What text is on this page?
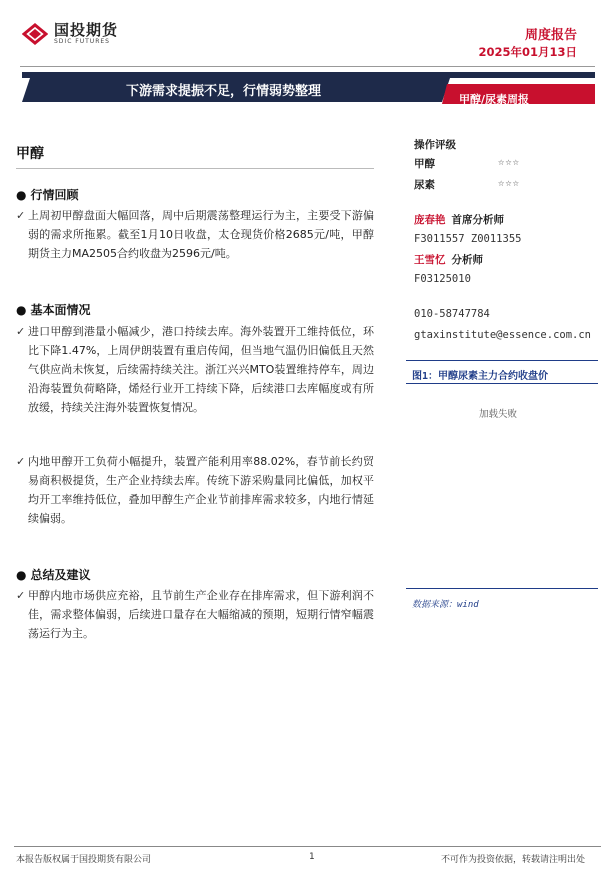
国投期货
SDIC FUTURES	周度报告
2025年01月13日
下游需求提振不足，行情弱势整理
甲醇/尿素周报
甲醇
● 行情回顾
✓ 上周初甲醇盘面大幅回落，周中后期震荡整理运行为主，主要受下游偏弱的需求所拖累。截至1月10日收盘，太仓现货价格2685元/吨，甲醇期货主力MA2505合约收盘为2596元/吨。
● 基本面情况
✓ 进口甲醇到港量小幅减少，港口持续去库。海外装置开工维持低位，环比下降1.47%，上周伊朗装置有重启传闻，但当地气温仍旧偏低且天然气供应尚未恢复，后续需持续关注。浙江兴兴MTO装置维持停车，周边沿海装置负荷略降，烯烃行业开工持续下降，后续港口去库幅度或有所放缓，持续关注海外装置恢复情况。
✓ 内地甲醇开工负荷小幅提升，装置产能利用率88.02%，春节前长约贸易商积极提货，生产企业持续去库。传统下游采购量同比偏低，加权平均开工率维持低位，叠加甲醇生产企业节前排库需求较多，内地行情延续偏弱。
● 总结及建议
✓ 甲醇内地市场供应充裕，且节前生产企业存在排库需求，但下游利润不佳，需求整体偏弱，后续进口量存在大幅缩减的预期，短期行情窄幅震荡运行为主。
操作评级
甲醇	☆☆☆
尿素	☆☆☆
庞春艳 首席分析师
F3011557 Z0011355
王雪忆 分析师
F03125010
010-58747784
gtaxinstitute@essence.com.cn
图1：甲醇尿素主力合约收盘价
加载失败
数据来源：wind
本报告版权属于国投期货有限公司	1	不可作为投资依据，转载请注明出处
